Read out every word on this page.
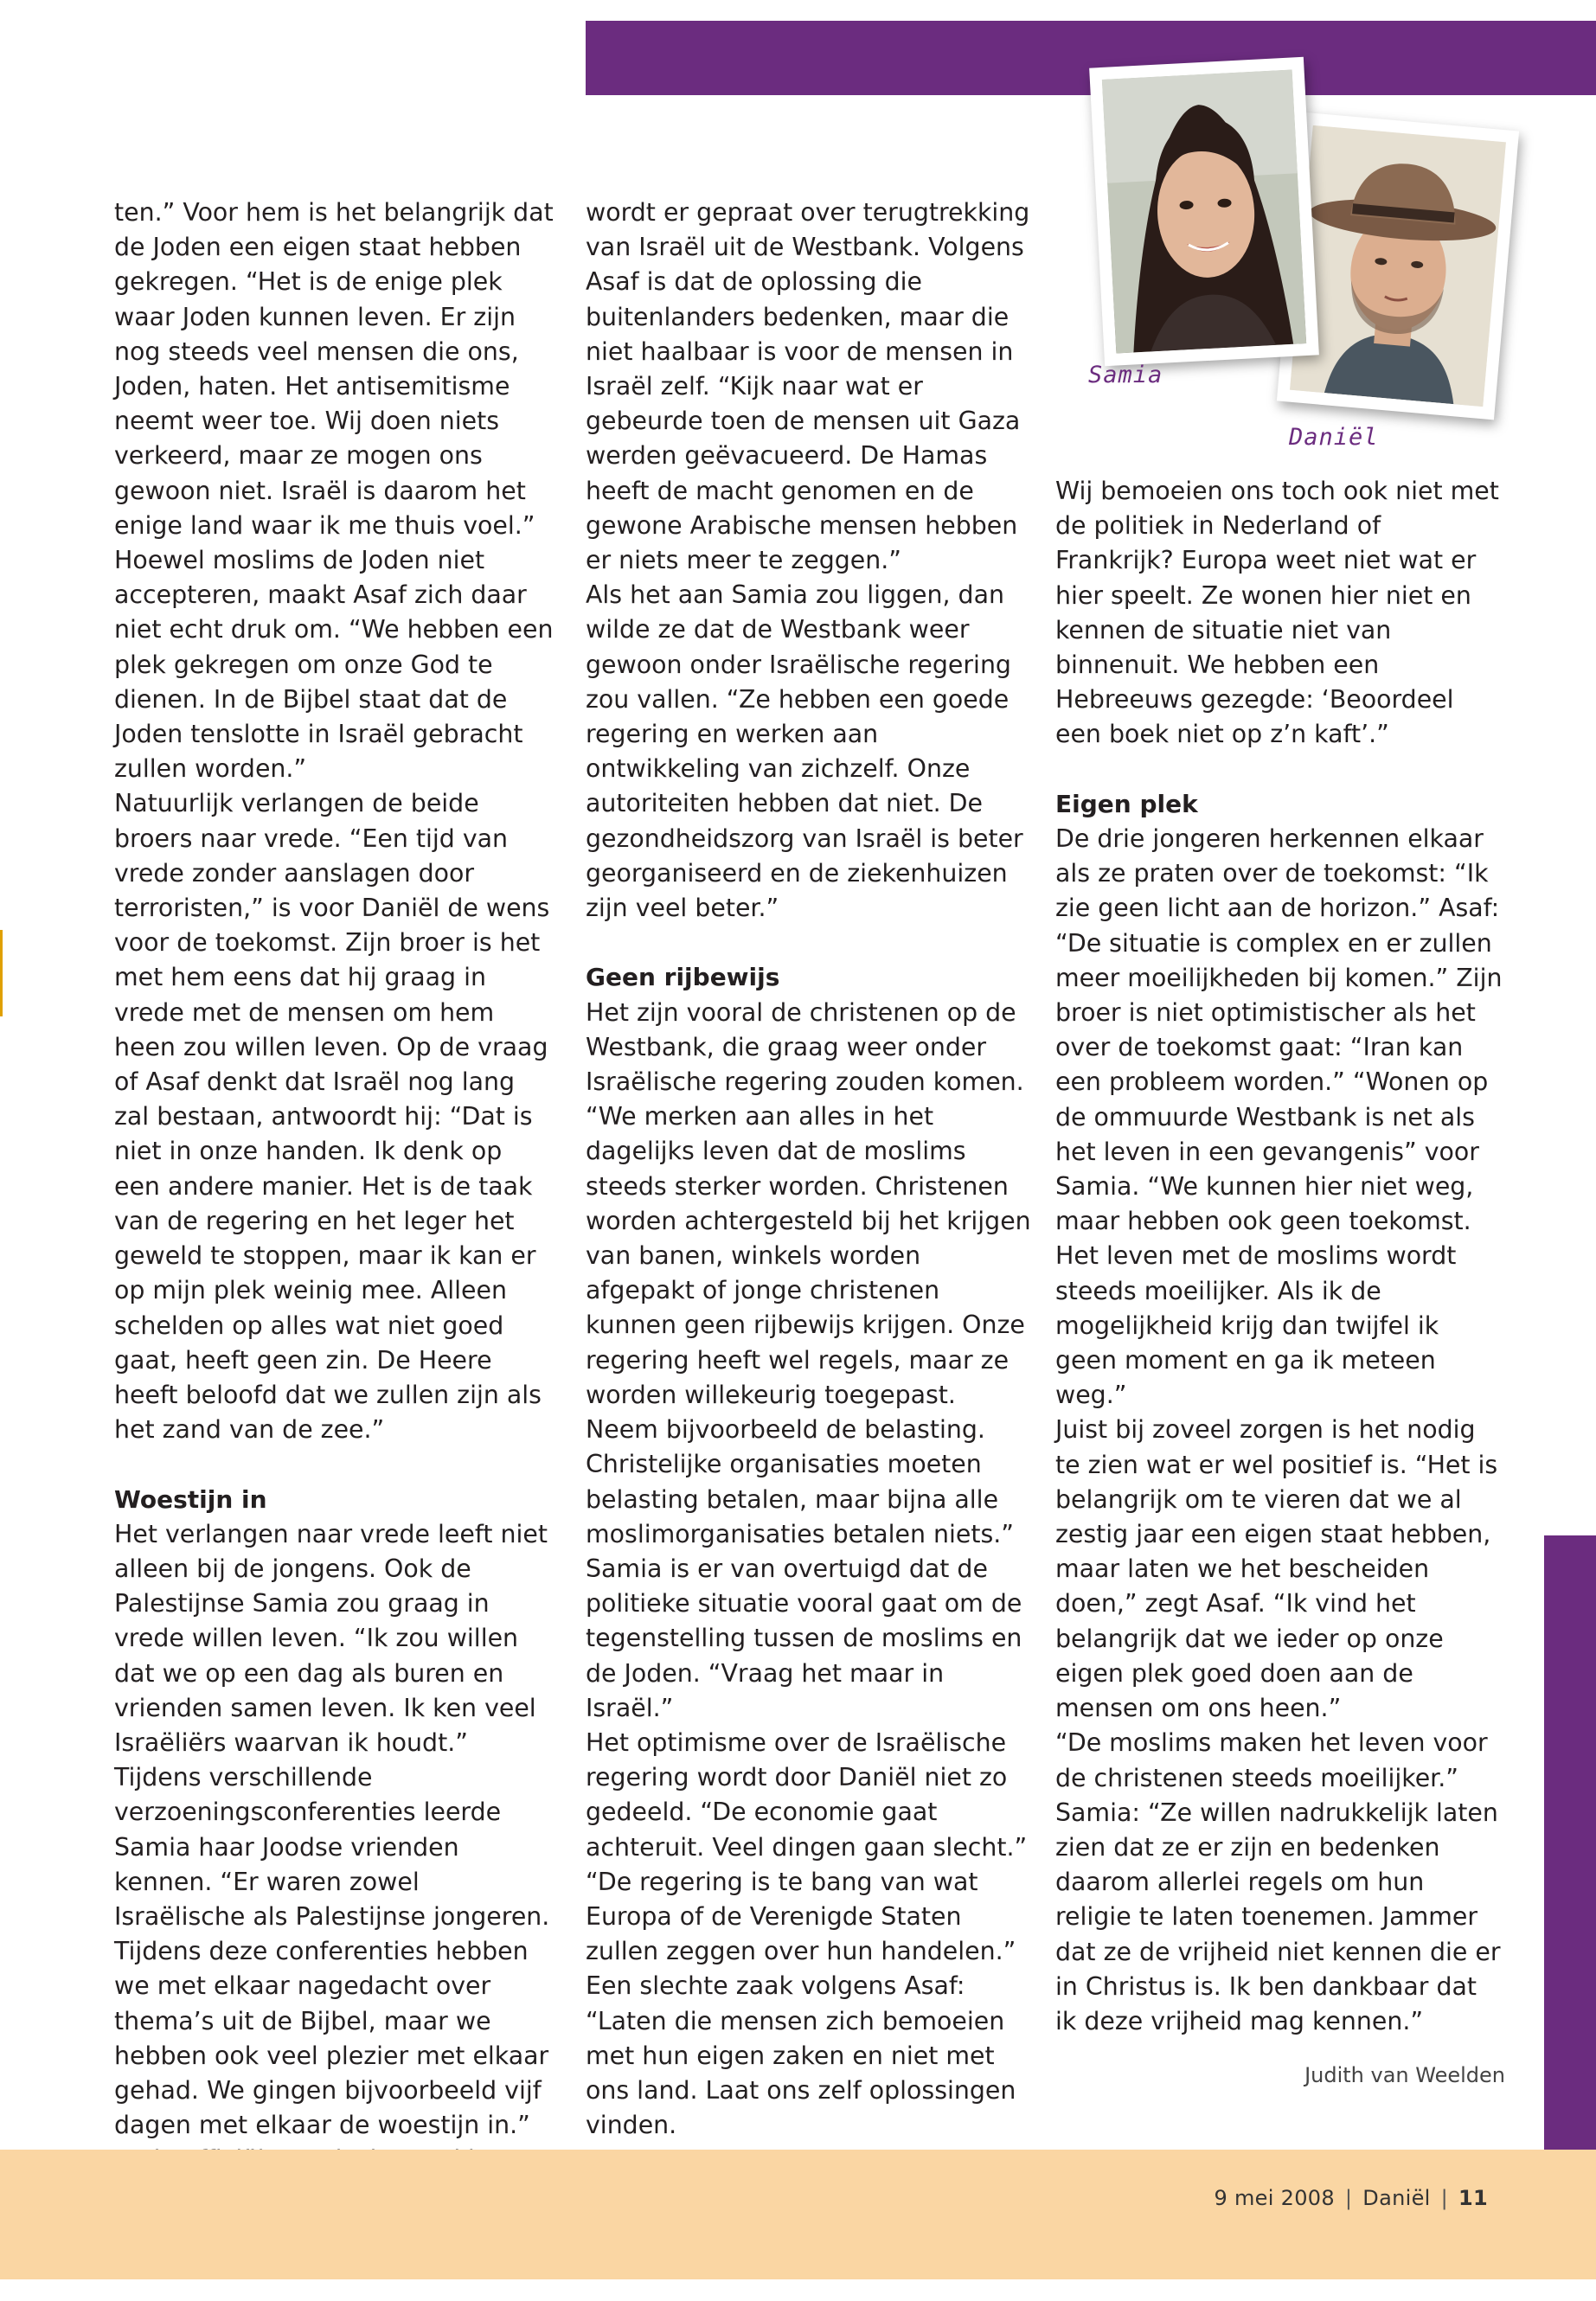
Samia
Daniël

ten.” Voor hem is het belangrijk dat de Joden een eigen staat hebben gekregen. “Het is de enige plek waar Joden kunnen leven. Er zijn nog steeds veel mensen die ons, Joden, haten. Het antisemitisme neemt weer toe. Wij doen niets verkeerd, maar ze mogen ons gewoon niet. Israël is daarom het enige land waar ik me thuis voel.”

Hoewel moslims de Joden niet accepteren, maakt Asaf zich daar niet echt druk om. “We hebben een plek gekregen om onze God te dienen. In de Bijbel staat dat de Joden tenslotte in Israël gebracht zullen worden.”

Natuurlijk verlangen de beide broers naar vrede. “Een tijd van vrede zonder aanslagen door terroristen,” is voor Daniël de wens voor de toekomst. Zijn broer is het met hem eens dat hij graag in vrede met de mensen om hem heen zou willen leven. Op de vraag of Asaf denkt dat Israël nog lang zal bestaan, antwoordt hij: “Dat is niet in onze handen. Ik denk op een andere manier. Het is de taak van de regering en het leger het geweld te stoppen, maar ik kan er op mijn plek weinig mee. Alleen schelden op alles wat niet goed gaat, heeft geen zin. De Heere heeft beloofd dat we zullen zijn als het zand van de zee.”

Woestijn in

Het verlangen naar vrede leeft niet alleen bij de jongens. Ook de Palestijnse Samia zou graag in vrede willen leven. “Ik zou willen dat we op een dag als buren en vrienden samen leven. Ik ken veel Israëliërs waarvan ik houdt.” Tijdens verschillende verzoeningsconferenties leerde Samia haar Joodse vrienden kennen. “Er waren zowel Israëlische als Palestijnse jongeren. Tijdens deze conferenties hebben we met elkaar nagedacht over thema’s uit de Bijbel, maar we hebben ook veel plezier met elkaar gehad. We gingen bijvoorbeeld vijf dagen met elkaar de woestijn in.”

wordt er gepraat over terugtrekking van Israël uit de Westbank. Volgens Asaf is dat de oplossing die buitenlanders bedenken, maar die niet haalbaar is voor de mensen in Israël zelf. “Kijk naar wat er gebeurde toen de mensen uit Gaza werden geëvacueerd. De Hamas heeft de macht genomen en de gewone Arabische mensen hebben er niets meer te zeggen.”

Als het aan Samia zou liggen, dan wilde ze dat de Westbank weer gewoon onder Israëlische regering zou vallen. “Ze hebben een goede regering en werken aan ontwikkeling van zichzelf. Onze autoriteiten hebben dat niet. De gezondheidszorg van Israël is beter georganiseerd en de ziekenhuizen zijn veel beter.”

Geen rijbewijs

Het zijn vooral de christenen op de Westbank, die graag weer onder Israëlische regering zouden komen. “We merken aan alles in het dagelijks leven dat de moslims steeds sterker worden. Christenen worden achtergesteld bij het krijgen van banen, winkels worden afgepakt of jonge christenen kunnen geen rijbewijs krijgen. Onze regering heeft wel regels, maar ze worden willekeurig toegepast. Neem bijvoorbeeld de belasting. Christelijke organisaties moeten belasting betalen, maar bijna alle moslimorganisaties betalen niets.”

Samia is er van overtuigd dat de politieke situatie vooral gaat om de tegenstelling tussen de moslims en de Joden. “Vraag het maar in Israël.”

Het optimisme over de Israëlische regering wordt door Daniël niet zo gedeeld. “De economie gaat achteruit. Veel dingen gaan slecht.” “De regering is te bang van wat Europa of de Verenigde Staten zullen zeggen over hun handelen.” Een slechte zaak volgens Asaf: “Laten die mensen zich bemoeien met hun eigen zaken en niet met ons land. Laat ons zelf oplossingen vinden.

Wij bemoeien ons toch ook niet met de politiek in Nederland of Frankrijk? Europa weet niet wat er hier speelt. Ze wonen hier niet en kennen de situatie niet van binnenuit. We hebben een Hebreeuws gezegde: ‘Beoordeel een boek niet op z’n kaft’.”

Eigen plek

De drie jongeren herkennen elkaar als ze praten over de toekomst: “Ik zie geen licht aan de horizon.” Asaf: “De situatie is complex en er zullen meer moeilijkheden bij komen.” Zijn broer is niet optimistischer als het over de toekomst gaat: “Iran kan een probleem worden.” “Wonen op de ommuurde Westbank is net als het leven in een gevangenis” voor Samia. “We kunnen hier niet weg, maar hebben ook geen toekomst. Het leven met de moslims wordt steeds moeilijker. Als ik de mogelijkheid krijg dan twijfel ik geen moment en ga ik meteen weg.”

Juist bij zoveel zorgen is het nodig te zien wat er wel positief is. “Het is belangrijk om te vieren dat we al zestig jaar een eigen staat hebben, maar laten we het bescheiden doen,” zegt Asaf. “Ik vind het belangrijk dat we ieder op onze eigen plek goed doen aan de mensen om ons heen.”

“De moslims maken het leven voor de christenen steeds moeilijker.” Samia: “Ze willen nadrukkelijk laten zien dat ze er zijn en bedenken daarom allerlei regels om hun religie te laten toenemen. Jammer dat ze de vrijheid niet kennen die er in Christus is. Ik ben dankbaar dat ik deze vrijheid mag kennen.”

Judith van Weelden

9 mei 2008 | Daniël | 11
